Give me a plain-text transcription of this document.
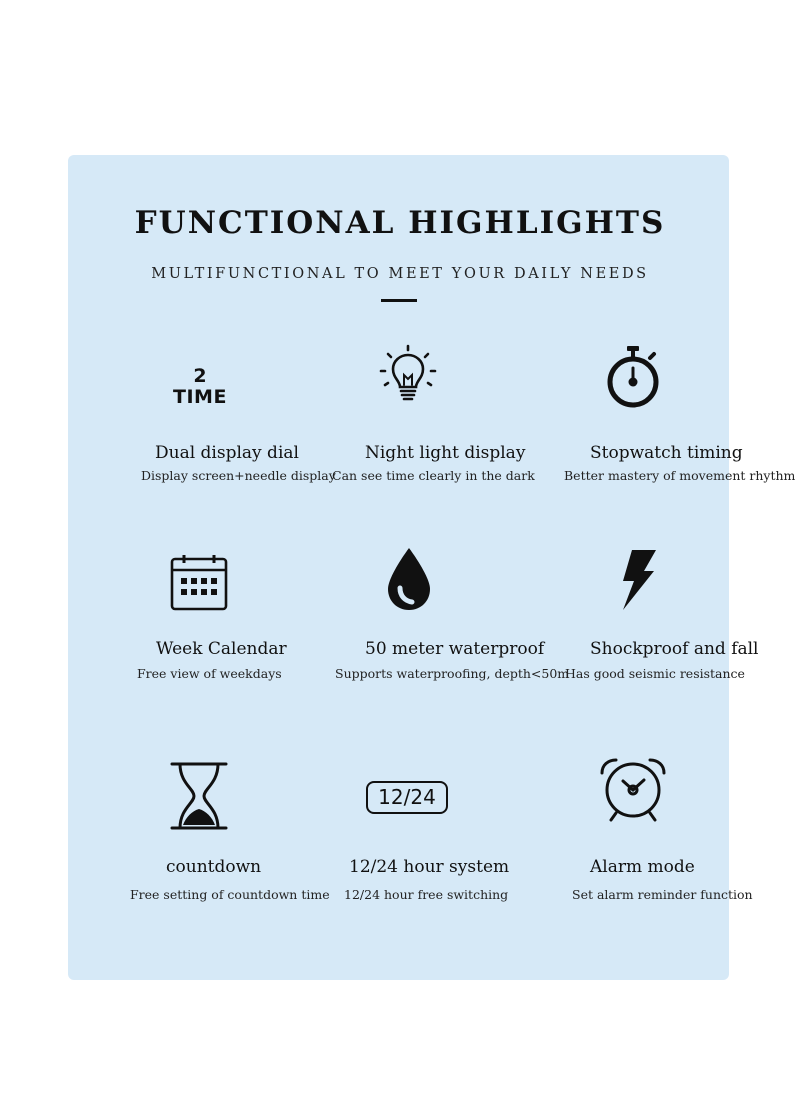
FUNCTIONAL HIGHLIGHTS
MULTIFUNCTIONAL TO MEET YOUR DAILY NEEDS
2
TIME
Dual display dial
Display screen+needle display
Night light display
Can see time clearly in the dark
Stopwatch timing
Better mastery of movement rhythm
Week Calendar
Free view of weekdays
50 meter waterproof
Supports waterproofing, depth<50m
Shockproof and fall
Has good seismic resistance
countdown
Free setting of countdown time
12/24
12/24 hour system
12/24 hour free switching
Alarm mode
Set alarm reminder function
